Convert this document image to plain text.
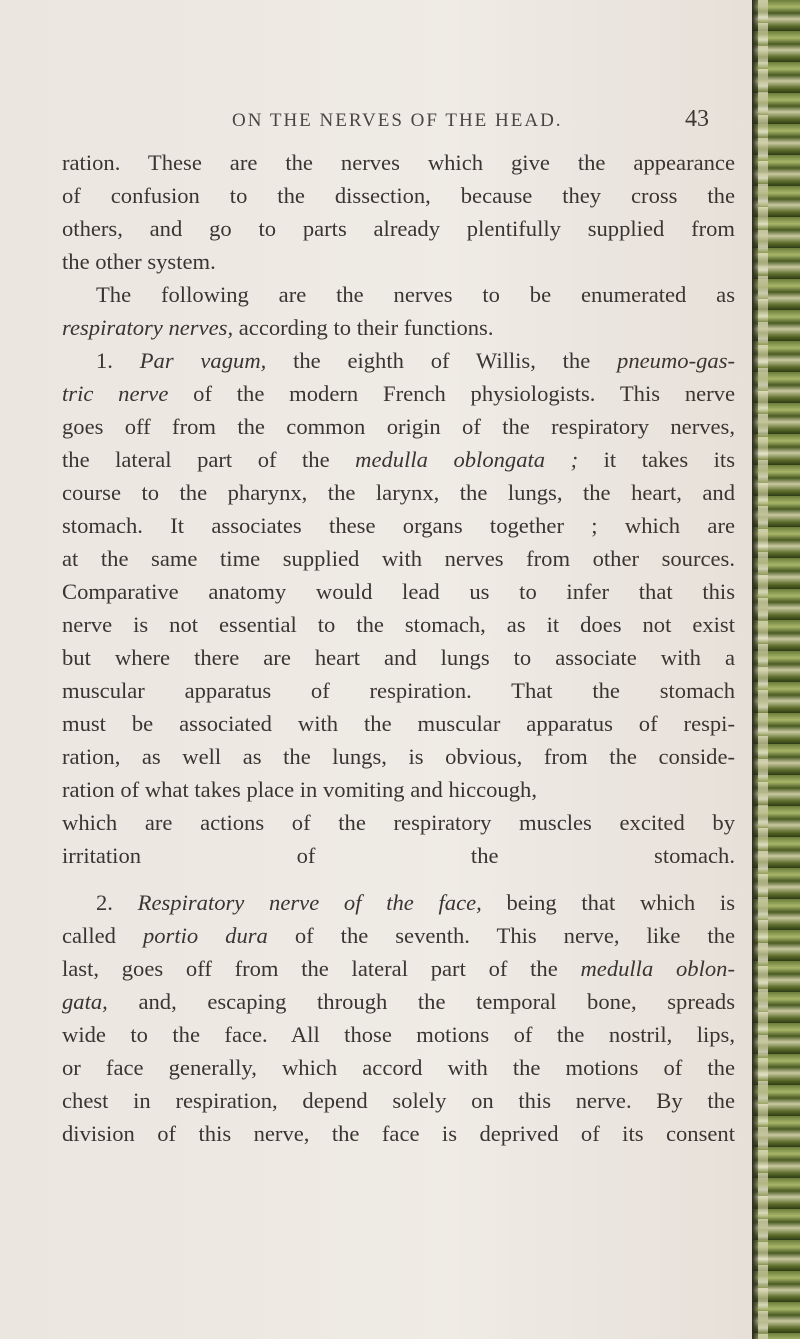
ON THE NERVES OF THE HEAD.	43
ration. These are the nerves which give the appearance
of confusion to the dissection, because they cross the
others, and go to parts already plentifully supplied from
the other system.
The following are the nerves to be enumerated as
respiratory nerves, according to their functions.
1. Par vagum, the eighth of Willis, the pneumo-gas-
tric nerve of the modern French physiologists. This nerve
goes off from the common origin of the respiratory nerves,
the lateral part of the medulla oblongata ; it takes its
course to the pharynx, the larynx, the lungs, the heart, and
stomach. It associates these organs together ; which are
at the same time supplied with nerves from other sources.
Comparative anatomy would lead us to infer that this
nerve is not essential to the stomach, as it does not exist
but where there are heart and lungs to associate with a
muscular apparatus of respiration. That the stomach
must be associated with the muscular apparatus of respi-
ration, as well as the lungs, is obvious, from the conside-
ration of what takes place in vomiting and hiccough,
which are actions of the respiratory muscles excited by
irritation of the stomach.
2. Respiratory nerve of the face, being that which is
called portio dura of the seventh. This nerve, like the
last, goes off from the lateral part of the medulla oblon-
gata, and, escaping through the temporal bone, spreads
wide to the face. All those motions of the nostril, lips,
or face generally, which accord with the motions of the
chest in respiration, depend solely on this nerve. By the
division of this nerve, the face is deprived of its consent
